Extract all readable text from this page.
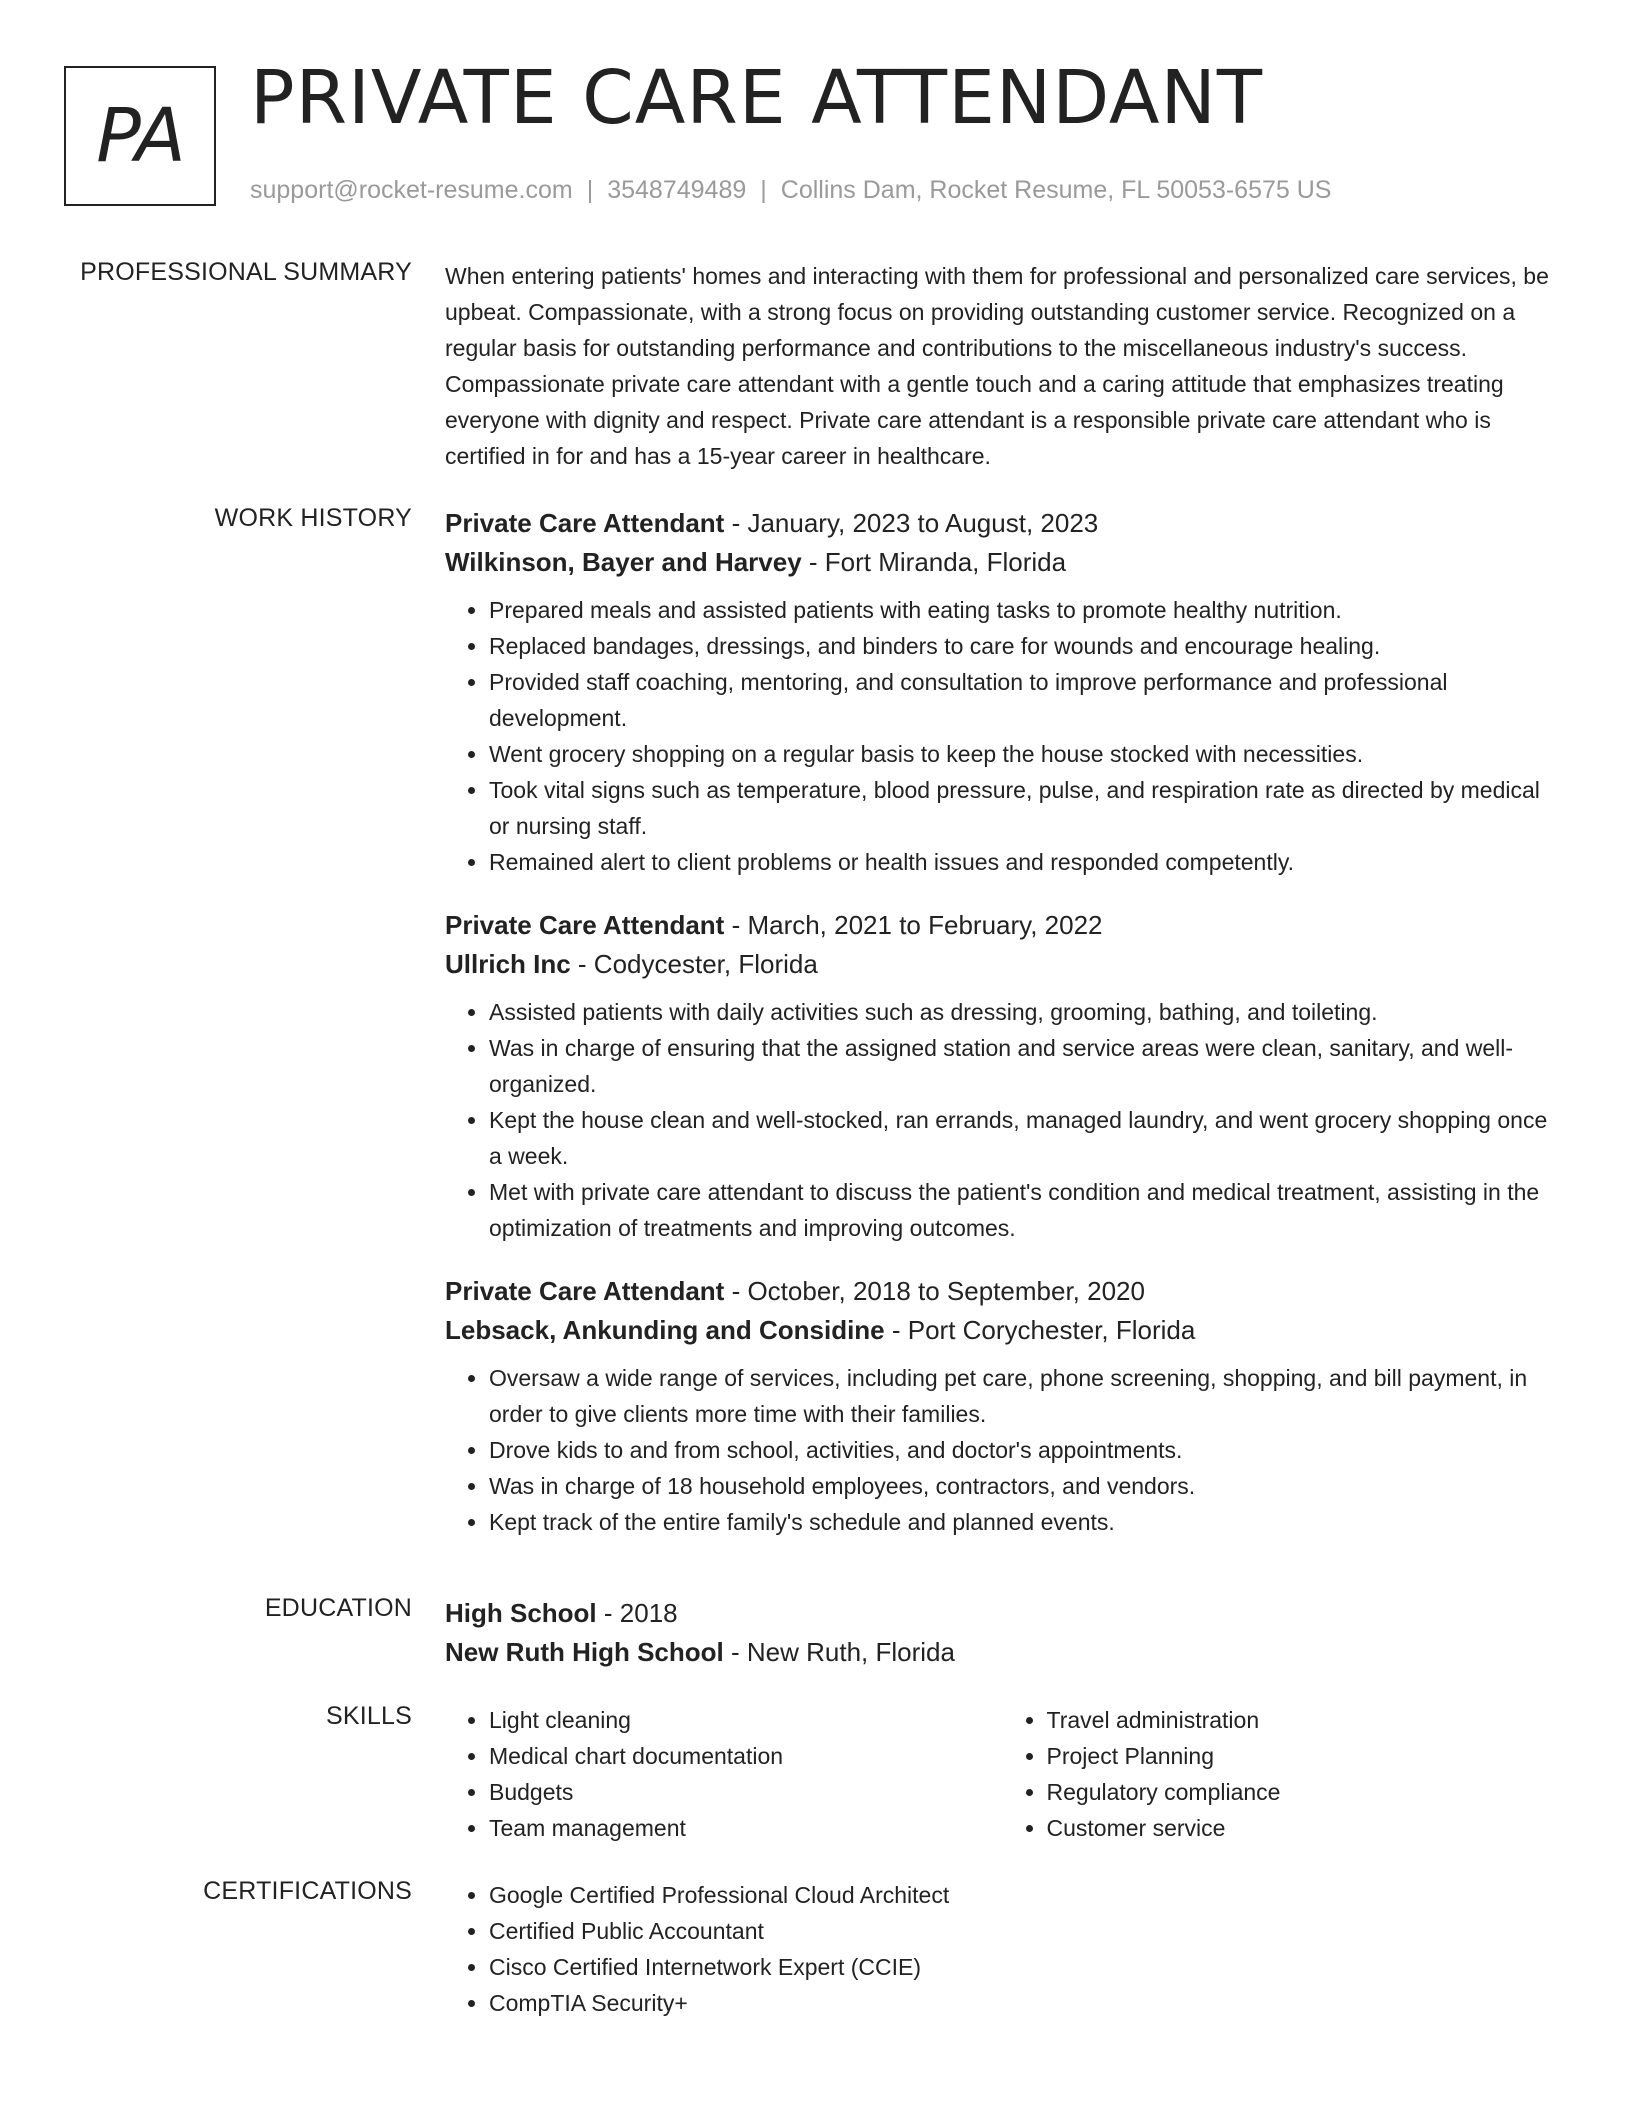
PA PRIVATE CARE ATTENDANT
support@rocket-resume.com | 3548749489 | Collins Dam, Rocket Resume, FL 50053-6575 US
PROFESSIONAL SUMMARY When entering patients' homes and interacting with them for professional and personalized care services, be upbeat. Compassionate, with a strong focus on providing outstanding customer service. Recognized on a regular basis for outstanding performance and contributions to the miscellaneous industry's success. Compassionate private care attendant with a gentle touch and a caring attitude that emphasizes treating everyone with dignity and respect. Private care attendant is a responsible private care attendant who is certified in for and has a 15-year career in healthcare.

WORK HISTORY Private Care Attendant - January, 2023 to August, 2023
Wilkinson, Bayer and Harvey - Fort Miranda, Florida
• Prepared meals and assisted patients with eating tasks to promote healthy nutrition.
• Replaced bandages, dressings, and binders to care for wounds and encourage healing.
• Provided staff coaching, mentoring, and consultation to improve performance and professional development.
• Went grocery shopping on a regular basis to keep the house stocked with necessities.
• Took vital signs such as temperature, blood pressure, pulse, and respiration rate as directed by medical or nursing staff.
• Remained alert to client problems or health issues and responded competently.
Private Care Attendant - March, 2021 to February, 2022
Ullrich Inc - Codycester, Florida
• Assisted patients with daily activities such as dressing, grooming, bathing, and toileting.
• Was in charge of ensuring that the assigned station and service areas were clean, sanitary, and well-organized.
• Kept the house clean and well-stocked, ran errands, managed laundry, and went grocery shopping once a week.
• Met with private care attendant to discuss the patient's condition and medical treatment, assisting in the optimization of treatments and improving outcomes.
Private Care Attendant - October, 2018 to September, 2020
Lebsack, Ankunding and Considine - Port Corychester, Florida
• Oversaw a wide range of services, including pet care, phone screening, shopping, and bill payment, in order to give clients more time with their families.
• Drove kids to and from school, activities, and doctor's appointments.
• Was in charge of 18 household employees, contractors, and vendors.
• Kept track of the entire family's schedule and planned events.
EDUCATION High School - 2018
New Ruth High School - New Ruth, Florida
SKILLS	• Light cleaning
• Medical chart documentation
• Budgets
• Team management
• Travel administration
• Project Planning
• Regulatory compliance
• Customer service
CERTIFICATIONS	• Google Certified Professional Cloud Architect
• Certified Public Accountant
• Cisco Certified Internetwork Expert (CCIE)
• CompTIA Security+
